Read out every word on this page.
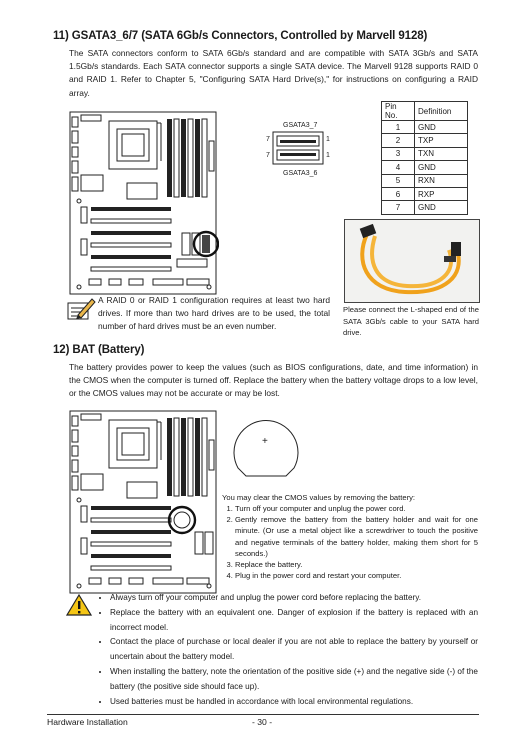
11) GSATA3_6/7 (SATA 6Gb/s Connectors, Controlled by Marvell 9128)
The SATA connectors conform to SATA 6Gb/s standard and are compatible with SATA 3Gb/s and SATA 1.5Gb/s standards. Each SATA connector supports a single SATA device. The Marvell 9128 supports RAID 0 and RAID 1. Refer to Chapter 5, "Configuring SATA Hard Drive(s)," for instructions on configuring a RAID array.
GSATA3_7
7	1
7	1
GSATA3_6
Pin No.	Definition
1	GND
2	TXP
3	TXN
4	GND
5	RXN
6	RXP
7	GND
Please connect the L-shaped end of the SATA 3Gb/s cable to your SATA hard drive.
A RAID 0 or RAID 1 configuration requires at least two hard drives. If more than two hard drives are to be used, the total number of hard drives must be an even number.
12) BAT (Battery)
The battery provides power to keep the values (such as BIOS configurations, date, and time information) in the CMOS when the computer is turned off. Replace the battery when the battery voltage drops to a low level, or the CMOS values may not be accurate or may be lost.
+
You may clear the CMOS values by removing the battery:
1. Turn off your computer and unplug the power cord.
2. Gently remove the battery from the battery holder and wait for one minute. (Or use a metal object like a screwdriver to touch the positive and negative terminals of the battery holder, making them short for 5 seconds.)
3. Replace the battery.
4. Plug in the power cord and restart your computer.
• Always turn off your computer and unplug the power cord before replacing the battery.
• Replace the battery with an equivalent one. Danger of explosion if the battery is replaced with an incorrect model.
• Contact the place of purchase or local dealer if you are not able to replace the battery by yourself or uncertain about the battery model.
• When installing the battery, note the orientation of the positive side (+) and the negative side (-) of the battery (the positive side should face up).
• Used batteries must be handled in accordance with local environmental regulations.
Hardware Installation	- 30 -
